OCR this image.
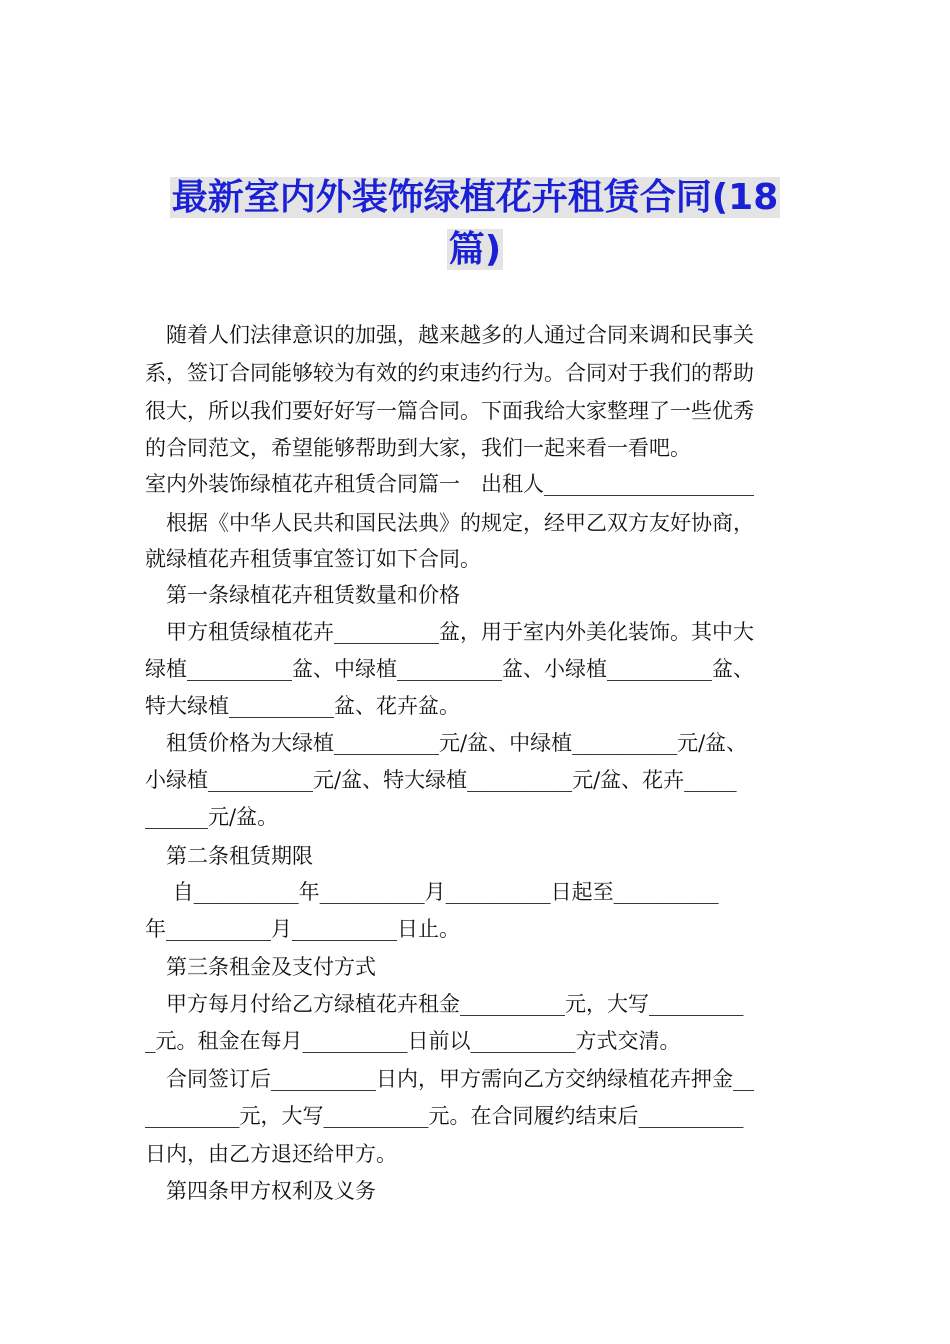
最新室内外装饰绿植花卉租赁合同(18
篇)
　随着人们法律意识的加强，越来越多的人通过合同来调和民事关
系，签订合同能够较为有效的约束违约行为。合同对于我们的帮助
很大，所以我们要好好写一篇合同。下面我给大家整理了一些优秀
的合同范文，希望能够帮助到大家，我们一起来看一看吧。
室内外装饰绿植花卉租赁合同篇一　出租人____________________
　根据《中华人民共和国民法典》的规定，经甲乙双方友好协商，
就绿植花卉租赁事宜签订如下合同。
　第一条绿植花卉租赁数量和价格
　甲方租赁绿植花卉__________盆，用于室内外美化装饰。其中大
绿植__________盆、中绿植__________盆、小绿植__________盆、
特大绿植__________盆、花卉盆。
　租赁价格为大绿植__________元/盆、中绿植__________元/盆、
小绿植__________元/盆、特大绿植__________元/盆、花卉_____
______元/盆。
　第二条租赁期限
　 自__________年__________月__________日起至__________
年__________月__________日止。
　第三条租金及支付方式
　甲方每月付给乙方绿植花卉租金__________元，大写_________
_元。租金在每月__________日前以__________方式交清。
　合同签订后__________日内，甲方需向乙方交纳绿植花卉押金__
_________元，大写__________元。在合同履约结束后__________
日内，由乙方退还给甲方。
　第四条甲方权利及义务
